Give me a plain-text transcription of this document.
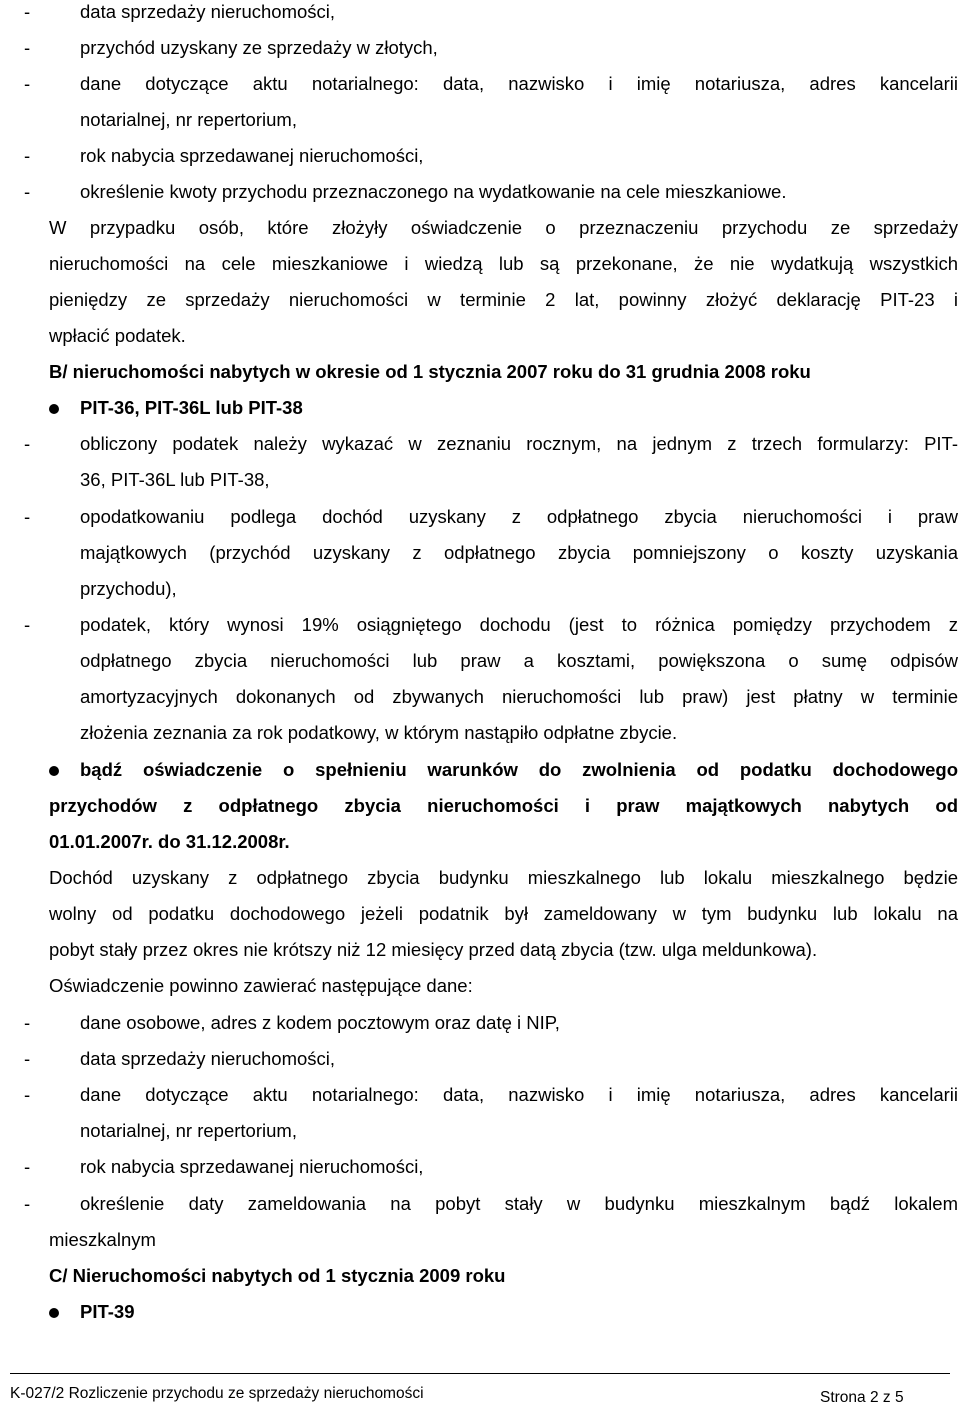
-	data sprzedaży nieruchomości,
-	przychód uzyskany ze sprzedaży w złotych,
-	dane dotyczące aktu notarialnego: data, nazwisko i imię notariusza, adres kancelarii
notarialnej, nr repertorium,
-	rok nabycia sprzedawanej nieruchomości,
-	określenie kwoty przychodu przeznaczonego na wydatkowanie na cele mieszkaniowe.
W przypadku osób, które złożyły oświadczenie o przeznaczeniu przychodu ze sprzedaży
nieruchomości na cele mieszkaniowe i wiedzą lub są przekonane, że nie wydatkują wszystkich
pieniędzy ze sprzedaży nieruchomości w terminie 2 lat, powinny złożyć deklarację PIT-23 i
wpłacić podatek.
B/ nieruchomości nabytych w okresie od 1 stycznia 2007 roku do 31 grudnia 2008 roku
PIT-36, PIT-36L lub PIT-38
-	obliczony podatek należy wykazać w zeznaniu rocznym, na jednym z trzech formularzy: PIT-
36, PIT-36L lub PIT-38,
-	opodatkowaniu podlega dochód uzyskany z odpłatnego zbycia nieruchomości i praw
majątkowych (przychód uzyskany z odpłatnego zbycia pomniejszony o koszty uzyskania
przychodu),
-	podatek, który wynosi 19% osiągniętego dochodu (jest to różnica pomiędzy przychodem z
odpłatnego zbycia nieruchomości lub praw a kosztami, powiększona o sumę odpisów
amortyzacyjnych dokonanych od zbywanych nieruchomości lub praw) jest płatny w terminie
złożenia zeznania za rok podatkowy, w którym nastąpiło odpłatne zbycie.
bądź oświadczenie o spełnieniu warunków do zwolnienia od podatku dochodowego
przychodów z odpłatnego zbycia nieruchomości i praw majątkowych nabytych od
01.01.2007r. do 31.12.2008r.
Dochód uzyskany z odpłatnego zbycia budynku mieszkalnego lub lokalu mieszkalnego będzie
wolny od podatku dochodowego jeżeli podatnik był zameldowany w tym budynku lub lokalu na
pobyt stały przez okres nie krótszy niż 12 miesięcy przed datą zbycia (tzw. ulga meldunkowa).
Oświadczenie powinno zawierać następujące dane:
-	dane osobowe, adres z kodem pocztowym oraz datę i NIP,
-	data sprzedaży nieruchomości,
-	dane dotyczące aktu notarialnego: data, nazwisko i imię notariusza, adres kancelarii
notarialnej, nr repertorium,
-	rok nabycia sprzedawanej nieruchomości,
-	określenie daty zameldowania na pobyt stały w budynku mieszkalnym bądź lokalem
mieszkalnym
C/ Nieruchomości nabytych od 1 stycznia 2009 roku
PIT-39
K-027/2 Rozliczenie przychodu ze sprzedaży nieruchomości	Strona 2 z 5
